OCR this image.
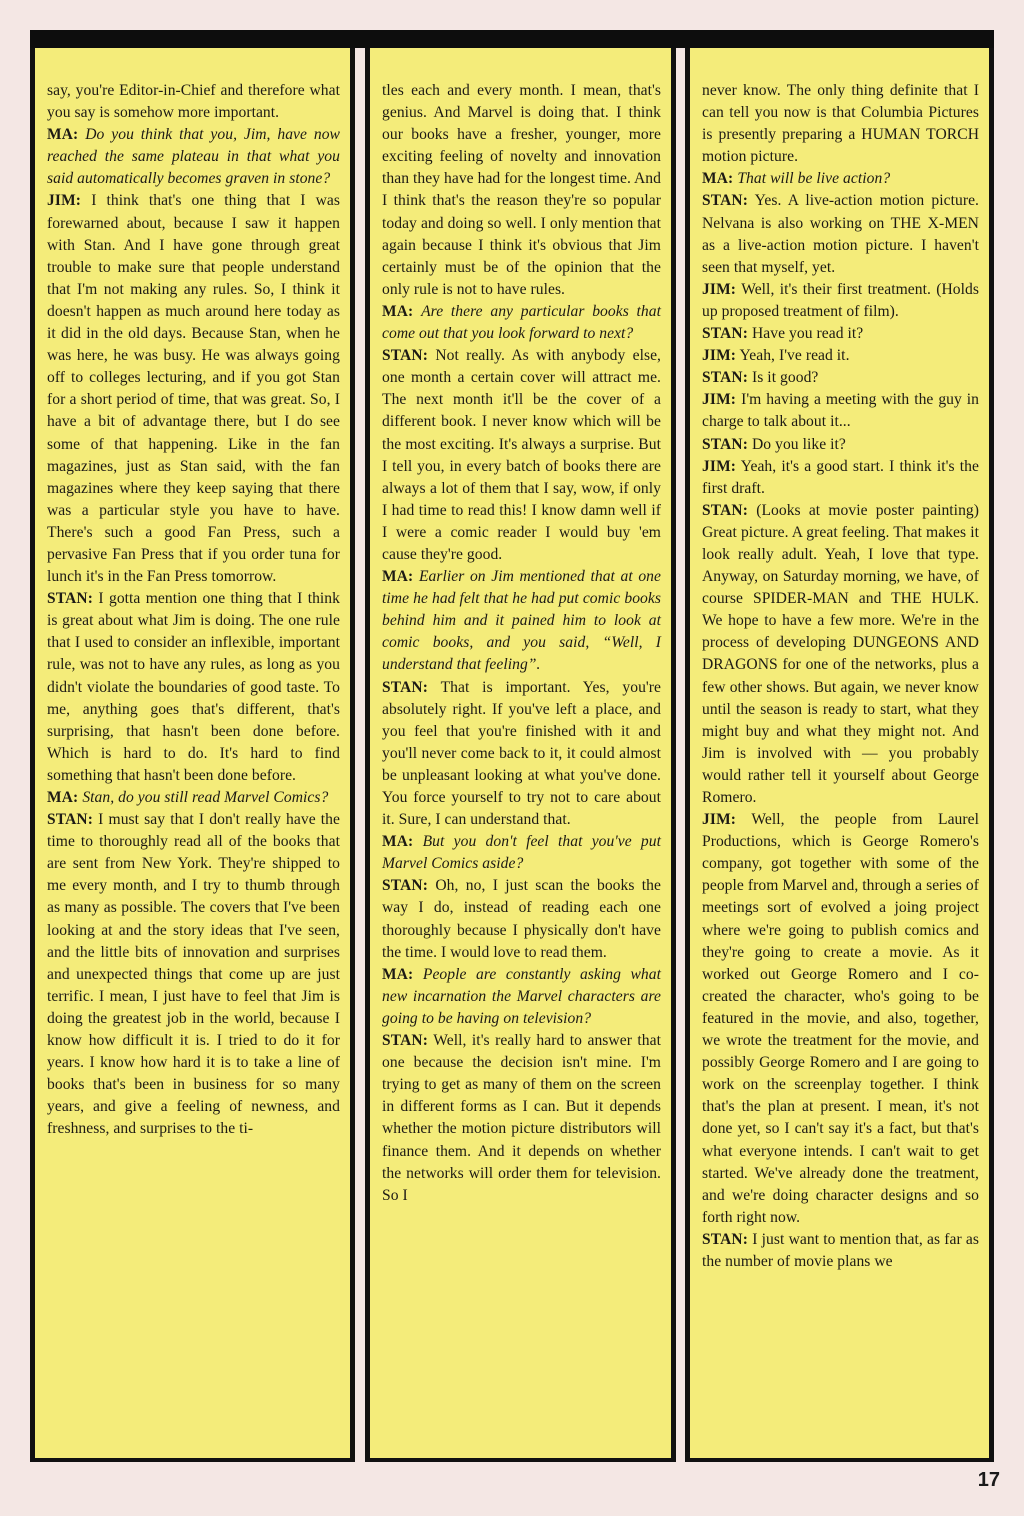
say, you're Editor-in-Chief and therefore what you say is somehow more important.

MA: Do you think that you, Jim, have now reached the same plateau in that what you said automatically becomes graven in stone?

JIM: I think that's one thing that I was forewarned about, because I saw it happen with Stan. And I have gone through great trouble to make sure that people understand that I'm not making any rules. So, I think it doesn't happen as much around here today as it did in the old days. Because Stan, when he was here, he was busy. He was always going off to colleges lecturing, and if you got Stan for a short period of time, that was great. So, I have a bit of advantage there, but I do see some of that happening. Like in the fan magazines, just as Stan said, with the fan magazines where they keep saying that there was a particular style you have to have. There's such a good Fan Press, such a pervasive Fan Press that if you order tuna for lunch it's in the Fan Press tomorrow.

STAN: I gotta mention one thing that I think is great about what Jim is doing. The one rule that I used to consider an inflexible, important rule, was not to have any rules, as long as you didn't violate the boundaries of good taste. To me, anything goes that's different, that's surprising, that hasn't been done before. Which is hard to do. It's hard to find something that hasn't been done before.

MA: Stan, do you still read Marvel Comics?

STAN: I must say that I don't really have the time to thoroughly read all of the books that are sent from New York. They're shipped to me every month, and I try to thumb through as many as possible. The covers that I've been looking at and the story ideas that I've seen, and the little bits of innovation and surprises and unexpected things that come up are just terrific. I mean, I just have to feel that Jim is doing the greatest job in the world, because I know how difficult it is. I tried to do it for years. I know how hard it is to take a line of books that's been in business for so many years, and give a feeling of newness, and freshness, and surprises to the ti-

tles each and every month. I mean, that's genius. And Marvel is doing that. I think our books have a fresher, younger, more exciting feeling of novelty and innovation than they have had for the longest time. And I think that's the reason they're so popular today and doing so well. I only mention that again because I think it's obvious that Jim certainly must be of the opinion that the only rule is not to have rules.

MA: Are there any particular books that come out that you look forward to next?

STAN: Not really. As with anybody else, one month a certain cover will attract me. The next month it'll be the cover of a different book. I never know which will be the most exciting. It's always a surprise. But I tell you, in every batch of books there are always a lot of them that I say, wow, if only I had time to read this! I know damn well if I were a comic reader I would buy 'em cause they're good.

MA: Earlier on Jim mentioned that at one time he had felt that he had put comic books behind him and it pained him to look at comic books, and you said, “Well, I understand that feeling”.

STAN: That is important. Yes, you're absolutely right. If you've left a place, and you feel that you're finished with it and you'll never come back to it, it could almost be unpleasant looking at what you've done. You force yourself to try not to care about it. Sure, I can understand that.

MA: But you don't feel that you've put Marvel Comics aside?

STAN: Oh, no, I just scan the books the way I do, instead of reading each one thoroughly because I physically don't have the time. I would love to read them.

MA: People are constantly asking what new incarnation the Marvel characters are going to be having on television?

STAN: Well, it's really hard to answer that one because the decision isn't mine. I'm trying to get as many of them on the screen in different forms as I can. But it depends whether the motion picture distributors will finance them. And it depends on whether the networks will order them for television. So I

never know. The only thing definite that I can tell you now is that Columbia Pictures is presently preparing a HUMAN TORCH motion picture.

MA: That will be live action?

STAN: Yes. A live-action motion picture. Nelvana is also working on THE X-MEN as a live-action motion picture. I haven't seen that myself, yet.

JIM: Well, it's their first treatment. (Holds up proposed treatment of film).

STAN: Have you read it?

JIM: Yeah, I've read it.

STAN: Is it good?

JIM: I'm having a meeting with the guy in charge to talk about it...

STAN: Do you like it?

JIM: Yeah, it's a good start. I think it's the first draft.

STAN: (Looks at movie poster painting) Great picture. A great feeling. That makes it look really adult. Yeah, I love that type. Anyway, on Saturday morning, we have, of course SPIDER-MAN and THE HULK. We hope to have a few more. We're in the process of developing DUNGEONS AND DRAGONS for one of the networks, plus a few other shows. But again, we never know until the season is ready to start, what they might buy and what they might not. And Jim is involved with — you probably would rather tell it yourself about George Romero.

JIM: Well, the people from Laurel Productions, which is George Romero's company, got together with some of the people from Marvel and, through a series of meetings sort of evolved a joing project where we're going to publish comics and they're going to create a movie. As it worked out George Romero and I co-created the character, who's going to be featured in the movie, and also, together, we wrote the treatment for the movie, and possibly George Romero and I are going to work on the screenplay together. I think that's the plan at present. I mean, it's not done yet, so I can't say it's a fact, but that's what everyone intends. I can't wait to get started. We've already done the treatment, and we're doing character designs and so forth right now.

STAN: I just want to mention that, as far as the number of movie plans we

17
